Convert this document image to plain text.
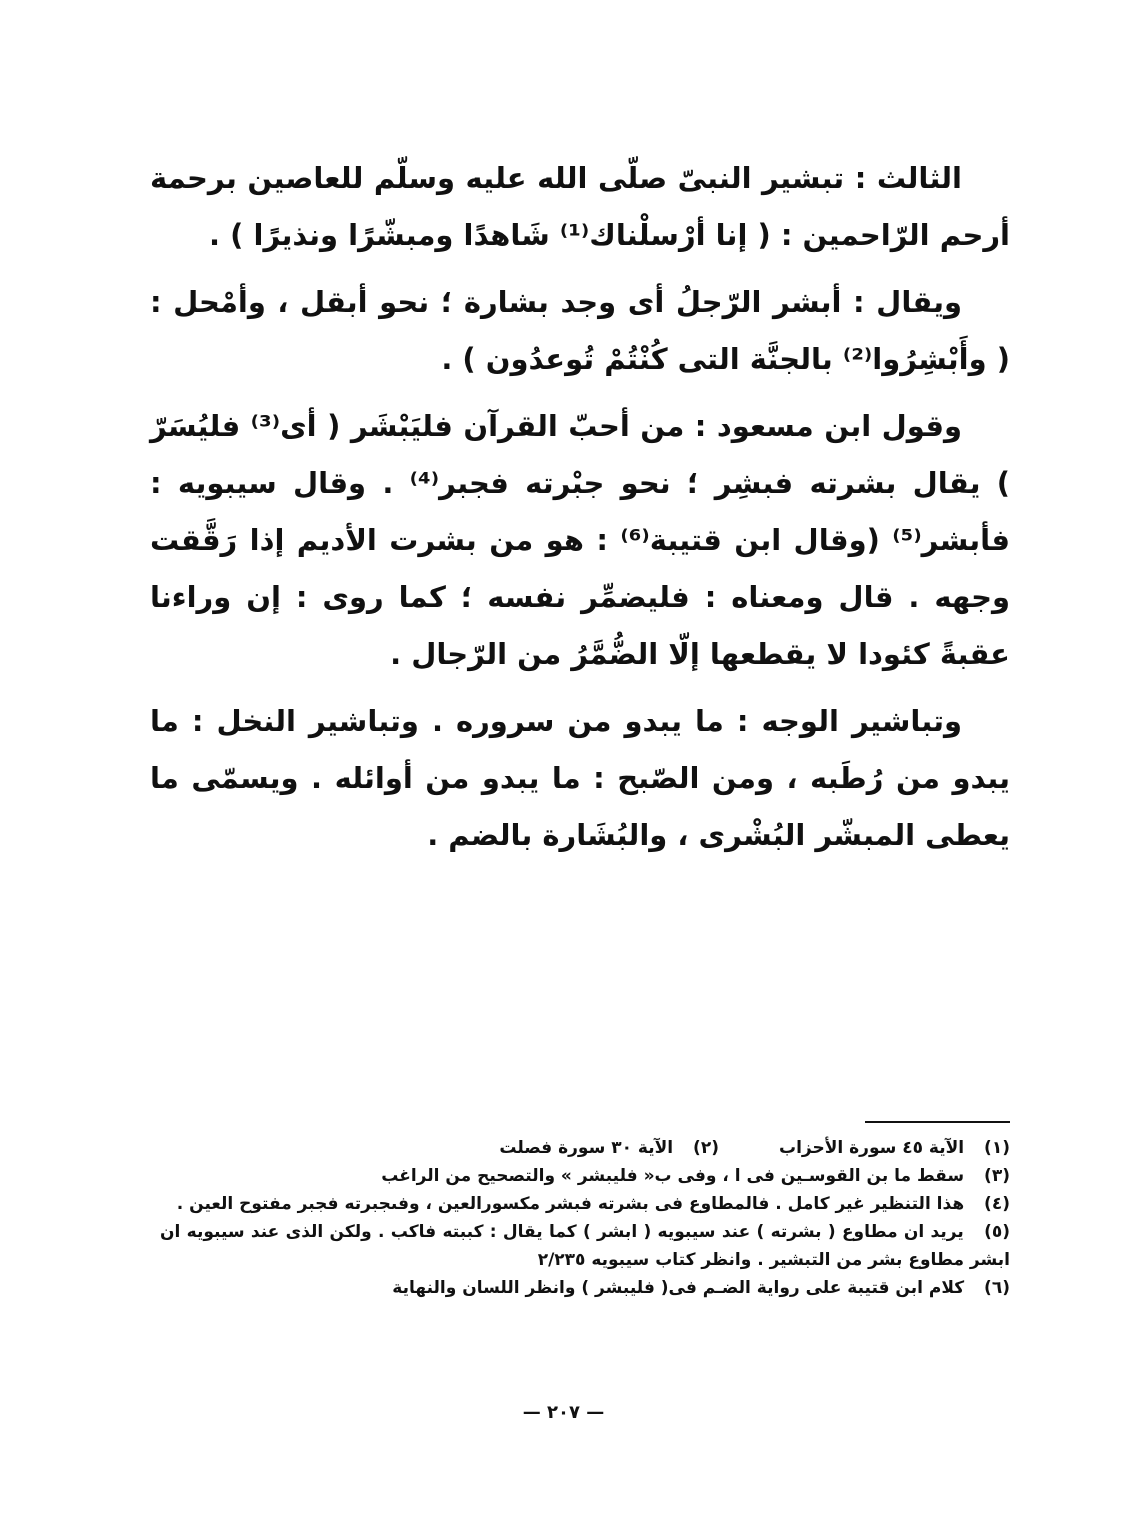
الثالث : تبشير النبىّ صلّى الله عليه وسلّم للعاصين برحمة أرحم الرّاحمين : ( إنا أرْسلْناك⁽¹⁾ شَاهدًا ومبشّرًا ونذيرًا ) .

ويقال : أبشر الرّجلُ أى وجد بشارة ؛ نحو أبقل ، وأمْحل : ( وأَبْشِرُوا⁽²⁾ بالجنَّة التى كُنْتُمْ تُوعدُون ) .

وقول ابن مسعود : من أحبّ القرآن فليَبْشَر ( أى⁽³⁾ فليُسَرّ ) يقال بشرته فبشِر ؛ نحو جبْرته فجبر⁽⁴⁾ . وقال سيبويه : فأبشر⁽⁵⁾ (وقال ابن قتيبة⁽⁶⁾ : هو من بشرت الأديم إذا رَقَّقت وجهه . قال ومعناه : فليضمِّر نفسه ؛ كما روى : إن وراءنا عقبةً كئودا لا يقطعها إلّا الضُّمَّرُ من الرّجال .

وتباشير الوجه : ما يبدو من سروره . وتباشير النخل : ما يبدو من رُطَبه ، ومن الصّبح : ما يبدو من أوائله . ويسمّى ما يعطى المبشّر البُشْرى ، والبُشَارة بالضم .

(١) الآية ٤٥ سورة الأحزاب
(٢) الآية ٣٠ سورة فصلت
(٣) سقط ما بن القوسـين فى ا ، وفى ب« فليبشر » والتصحيح من الراغب
(٤) هذا التنظير غير كامل . فالمطاوع فى بشرته فبشر مكسورالعين ، وفىجبرته فجبر مفتوح العين .
(٥) يريد ان مطاوع ( بشرته ) عند سيبويه ( ابشر ) كما يقال : كببته فاكب . ولكن الذى عند سيبويه ان ابشر مطاوع بشر من التبشير . وانظر كتاب سيبويه ٢/٢٣٥
(٦) كلام ابن قتيبة على رواية الضـم فى( فليبشر ) وانظر اللسان والنهاية
— ٢٠٧ —
